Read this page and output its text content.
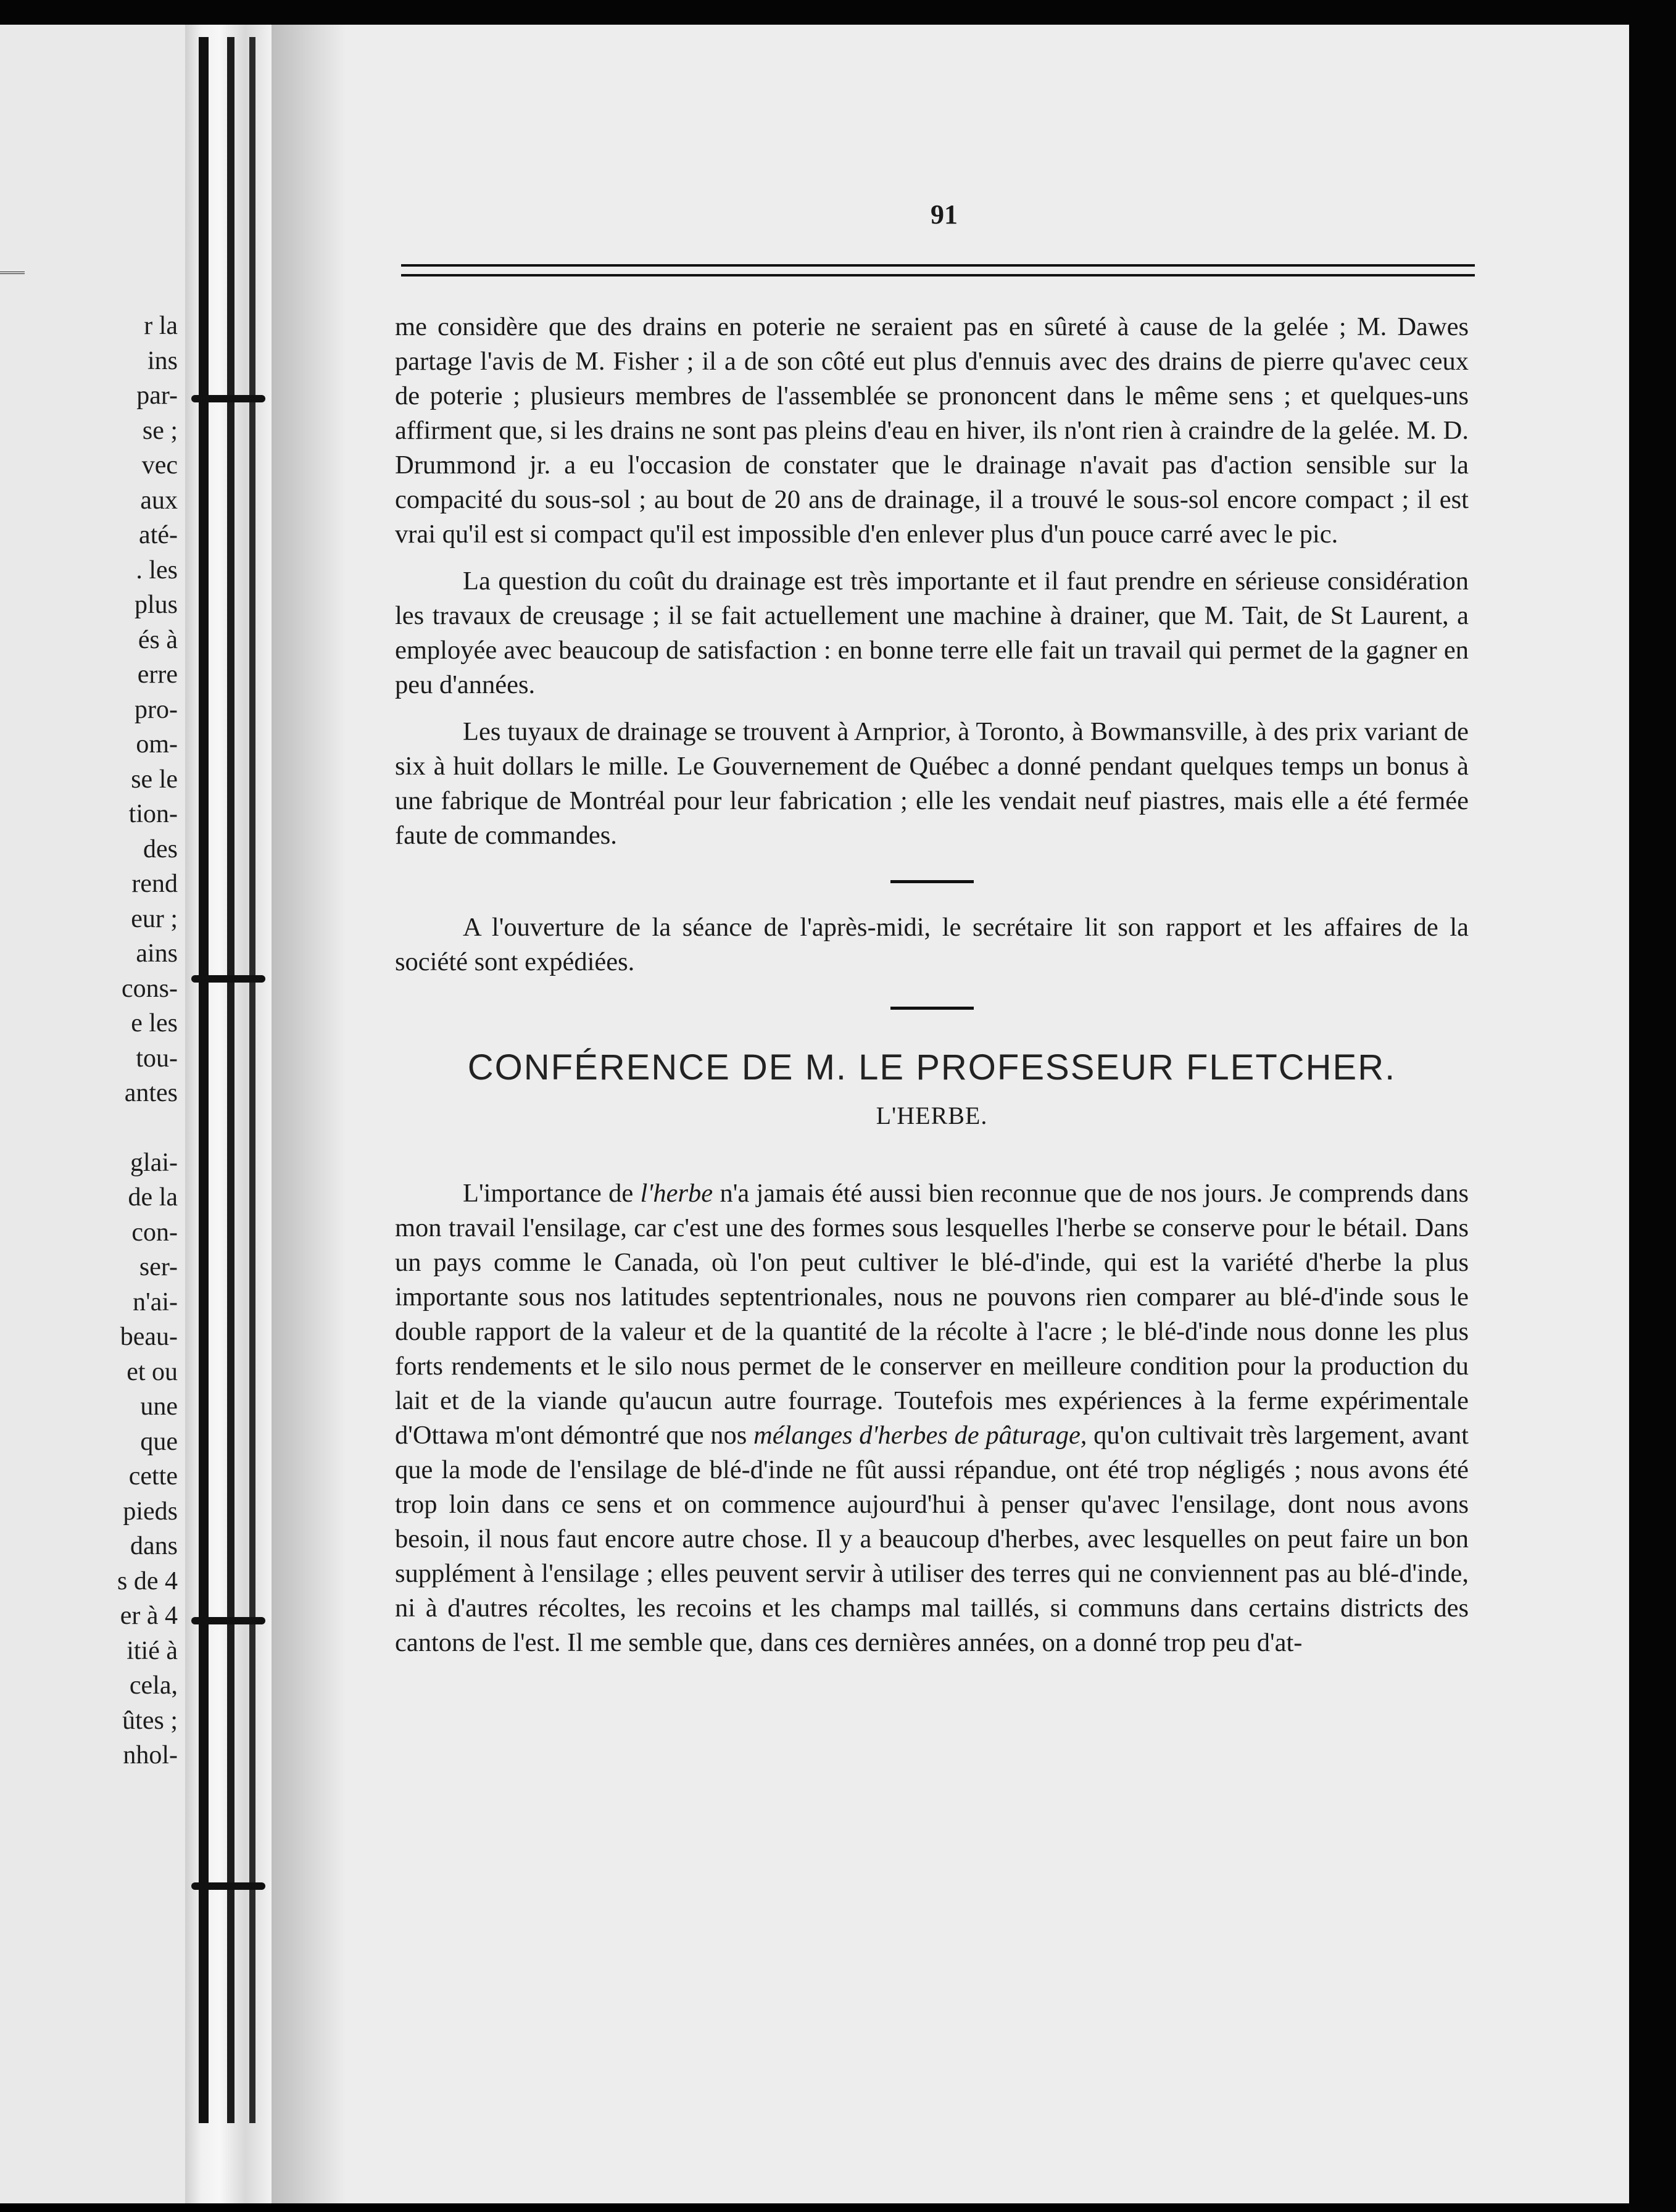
r la
ins
par-
se ;
vec
aux
até-
. les
plus
és à
erre
pro-
om-
se le
tion-
des
rend
eur ;
ains
cons-
e les
tou-
antes
glai-
de la
con-
ser-
n'ai-
beau-
et ou
une
que
cette
pieds
dans
s de 4
er à 4
itié à
cela,
ûtes ;
nhol-
91

me considère que des drains en poterie ne seraient pas en sûreté à cause de la gelée ; M. Dawes partage l'avis de M. Fisher ; il a de son côté eut plus d'ennuis avec des drains de pierre qu'avec ceux de poterie ; plusieurs membres de l'assemblée se prononcent dans le même sens ; et quelques-uns affirment que, si les drains ne sont pas pleins d'eau en hiver, ils n'ont rien à craindre de la gelée. M. D. Drummond jr. a eu l'occasion de constater que le drainage n'avait pas d'action sensible sur la compacité du sous-sol ; au bout de 20 ans de drainage, il a trouvé le sous-sol encore compact ; il est vrai qu'il est si compact qu'il est impossible d'en enlever plus d'un pouce carré avec le pic.

La question du coût du drainage est très importante et il faut prendre en sérieuse considération les travaux de creusage ; il se fait actuellement une machine à drainer, que M. Tait, de St Laurent, a employée avec beaucoup de satisfaction : en bonne terre elle fait un travail qui permet de la gagner en peu d'années.

Les tuyaux de drainage se trouvent à Arnprior, à Toronto, à Bowmansville, à des prix variant de six à huit dollars le mille. Le Gouvernement de Québec a donné pendant quelques temps un bonus à une fabrique de Montréal pour leur fabrication ; elle les vendait neuf piastres, mais elle a été fermée faute de commandes.

A l'ouverture de la séance de l'après-midi, le secrétaire lit son rapport et les affaires de la société sont expédiées.

CONFÉRENCE DE M. LE PROFESSEUR FLETCHER.
L'HERBE.

L'importance de l'herbe n'a jamais été aussi bien reconnue que de nos jours. Je comprends dans mon travail l'ensilage, car c'est une des formes sous lesquelles l'herbe se conserve pour le bétail. Dans un pays comme le Canada, où l'on peut cultiver le blé-d'inde, qui est la variété d'herbe la plus importante sous nos latitudes septentrionales, nous ne pouvons rien comparer au blé-d'inde sous le double rapport de la valeur et de la quantité de la récolte à l'acre ; le blé-d'inde nous donne les plus forts rendements et le silo nous permet de le conserver en meilleure condition pour la production du lait et de la viande qu'aucun autre fourrage. Toutefois mes expériences à la ferme expérimentale d'Ottawa m'ont démontré que nos mélanges d'herbes de pâturage, qu'on cultivait très largement, avant que la mode de l'ensilage de blé-d'inde ne fût aussi répandue, ont été trop négligés ; nous avons été trop loin dans ce sens et on commence aujourd'hui à penser qu'avec l'ensilage, dont nous avons besoin, il nous faut encore autre chose. Il y a beaucoup d'herbes, avec lesquelles on peut faire un bon supplément à l'ensilage ; elles peuvent servir à utiliser des terres qui ne conviennent pas au blé-d'inde, ni à d'autres récoltes, les recoins et les champs mal taillés, si communs dans certains districts des cantons de l'est. Il me semble que, dans ces dernières années, on a donné trop peu d'at-
